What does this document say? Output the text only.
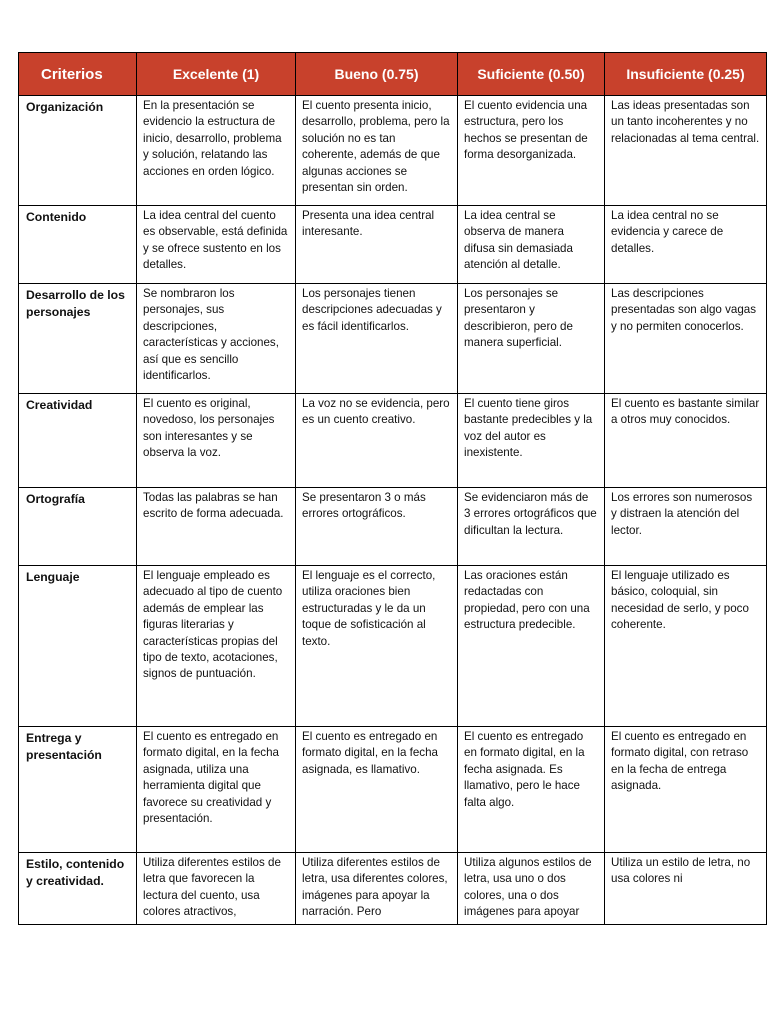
Criterios	Excelente (1)	Bueno (0.75)	Suficiente (0.50)	Insuficiente (0.25)
Organización	En la presentación se evidencio la estructura de inicio, desarrollo, problema y solución, relatando las acciones en orden lógico.	El cuento presenta inicio, desarrollo, problema, pero la solución no es tan coherente, además de que algunas acciones se presentan sin orden.	El cuento evidencia una estructura, pero los hechos se presentan de forma desorganizada.	Las ideas presentadas son un tanto incoherentes y no relacionadas al tema central.
Contenido	La idea central del cuento es observable, está definida y se ofrece sustento en los detalles.	Presenta una idea central interesante.	La idea central se observa de manera difusa sin demasiada atención al detalle.	La idea central no se evidencia y carece de detalles.
Desarrollo de los personajes	Se nombraron los personajes, sus descripciones, características y acciones, así que es sencillo identificarlos.	Los personajes tienen descripciones adecuadas y es fácil identificarlos.	Los personajes se presentaron y describieron, pero de manera superficial.	Las descripciones presentadas son algo vagas y no permiten conocerlos.
Creatividad	El cuento es original, novedoso, los personajes son interesantes y se observa la voz.	La voz no se evidencia, pero es un cuento creativo.	El cuento tiene giros bastante predecibles y la voz del autor es inexistente.	El cuento es bastante similar a otros muy conocidos.
Ortografía	Todas las palabras se han escrito de forma adecuada.	Se presentaron 3 o más errores ortográficos.	Se evidenciaron más de 3 errores ortográficos que dificultan la lectura.	Los errores son numerosos y distraen la atención del lector.
Lenguaje	El lenguaje empleado es adecuado al tipo de cuento además de emplear las figuras literarias y características propias del tipo de texto, acotaciones, signos de puntuación.	El lenguaje es el correcto, utiliza oraciones bien estructuradas y le da un toque de sofisticación al texto.	Las oraciones están redactadas con propiedad, pero con una estructura predecible.	El lenguaje utilizado es básico, coloquial, sin necesidad de serlo, y poco coherente.
Entrega y presentación	El cuento es entregado en formato digital, en la fecha asignada, utiliza una herramienta digital que favorece su creatividad y presentación.	El cuento es entregado en formato digital, en la fecha asignada, es llamativo.	El cuento es entregado en formato digital, en la fecha asignada. Es llamativo, pero le hace falta algo.	El cuento es entregado en formato digital, con retraso en la fecha de entrega asignada.
Estilo, contenido y creatividad.	Utiliza diferentes estilos de letra que favorecen la lectura del cuento, usa colores atractivos,	Utiliza diferentes estilos de letra, usa diferentes colores, imágenes para apoyar la narración. Pero	Utiliza algunos estilos de letra, usa uno o dos colores, una o dos imágenes para apoyar	Utiliza un estilo de letra, no usa colores ni
